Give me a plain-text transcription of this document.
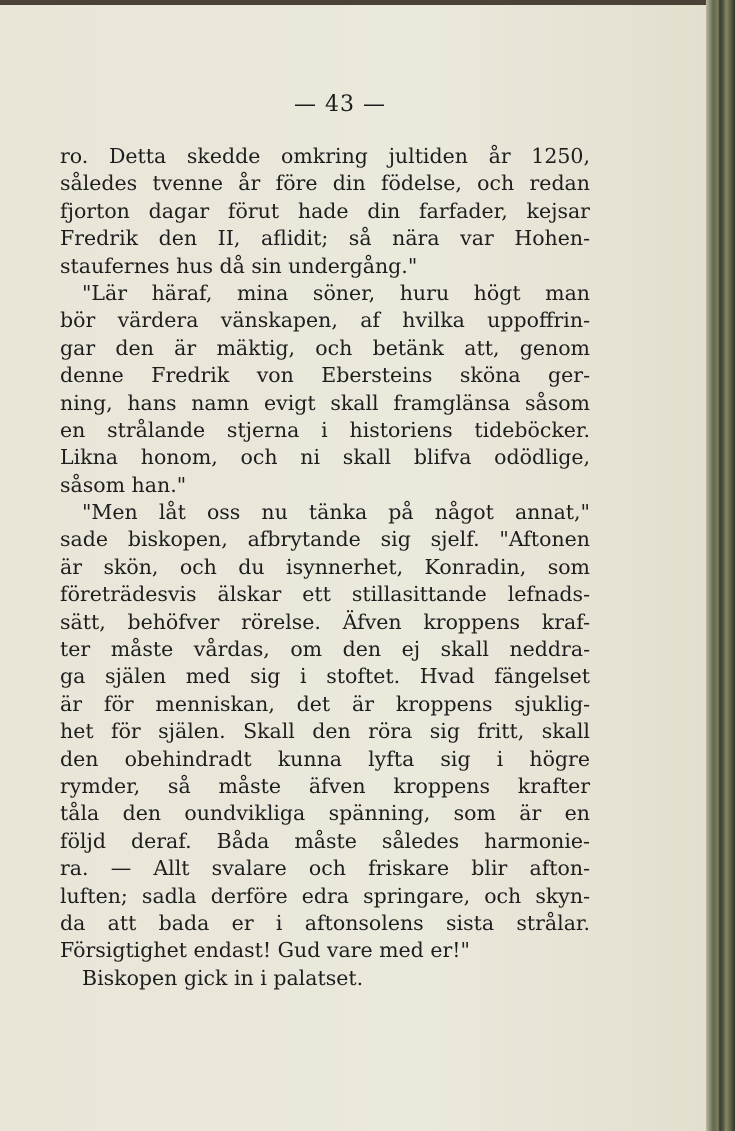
— 43 —
ro. Detta skedde omkring jultiden år 1250,
således tvenne år före din födelse, och redan
fjorton dagar förut hade din farfader, kejsar
Fredrik den II, aflidit; så nära var Hohen-
staufernes hus då sin undergång."
"Lär häraf, mina söner, huru högt man
bör värdera vänskapen, af hvilka uppoffrin-
gar den är mäktig, och betänk att, genom
denne Fredrik von Ebersteins sköna ger-
ning, hans namn evigt skall framglänsa såsom
en strålande stjerna i historiens tideböcker.
Likna honom, och ni skall blifva odödlige,
såsom han."
"Men låt oss nu tänka på något annat,"
sade biskopen, afbrytande sig sjelf. "Aftonen
är skön, och du isynnerhet, Konradin, som
företrädesvis älskar ett stillasittande lefnads-
sätt, behöfver rörelse. Äfven kroppens kraf-
ter måste vårdas, om den ej skall neddra-
ga själen med sig i stoftet. Hvad fängelset
är för menniskan, det är kroppens sjuklig-
het för själen. Skall den röra sig fritt, skall
den obehindradt kunna lyfta sig i högre
rymder, så måste äfven kroppens krafter
tåla den oundvikliga spänning, som är en
följd deraf. Båda måste således harmonie-
ra. — Allt svalare och friskare blir afton-
luften; sadla derföre edra springare, och skyn-
da att bada er i aftonsolens sista strålar.
Försigtighet endast! Gud vare med er!"
Biskopen gick in i palatset.
